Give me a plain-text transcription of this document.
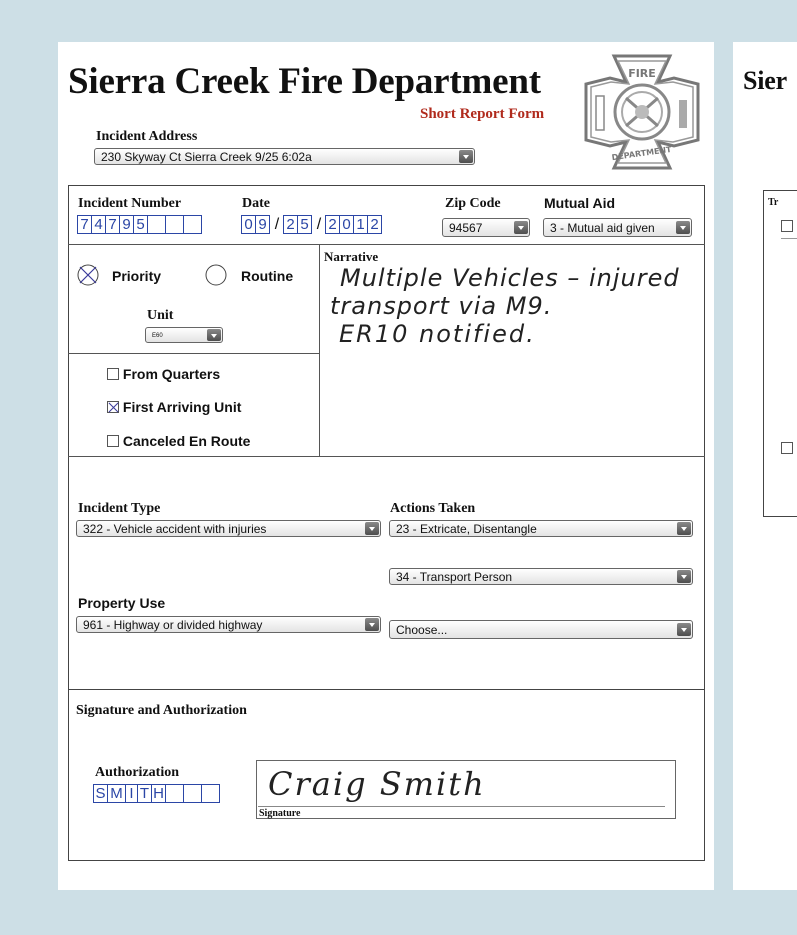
Sierra Creek Fire Department
Short Report Form
FIRE
DEPARTMENT
Incident Address
230 Skyway Ct Sierra Creek 9/25 6:02a
Incident Number
7 4 7 9 5
Date
0 9 / 2 5 / 2 0 1 2
Zip Code
94567
Mutual Aid
3 - Mutual aid given
Priority	Routine
Unit
E60
From Quarters
First Arriving Unit
Canceled En Route
Narrative
Multiple Vehicles – injured
transport via M9.
ER10 notified.
Incident Type
322 - Vehicle accident with injuries
Actions Taken
23 - Extricate, Disentangle
34 - Transport Person
Choose...
Property Use
961 - Highway or divided highway
Signature and Authorization
Authorization
S M I T H
Signature
Craig Smith
Sier
Tr
